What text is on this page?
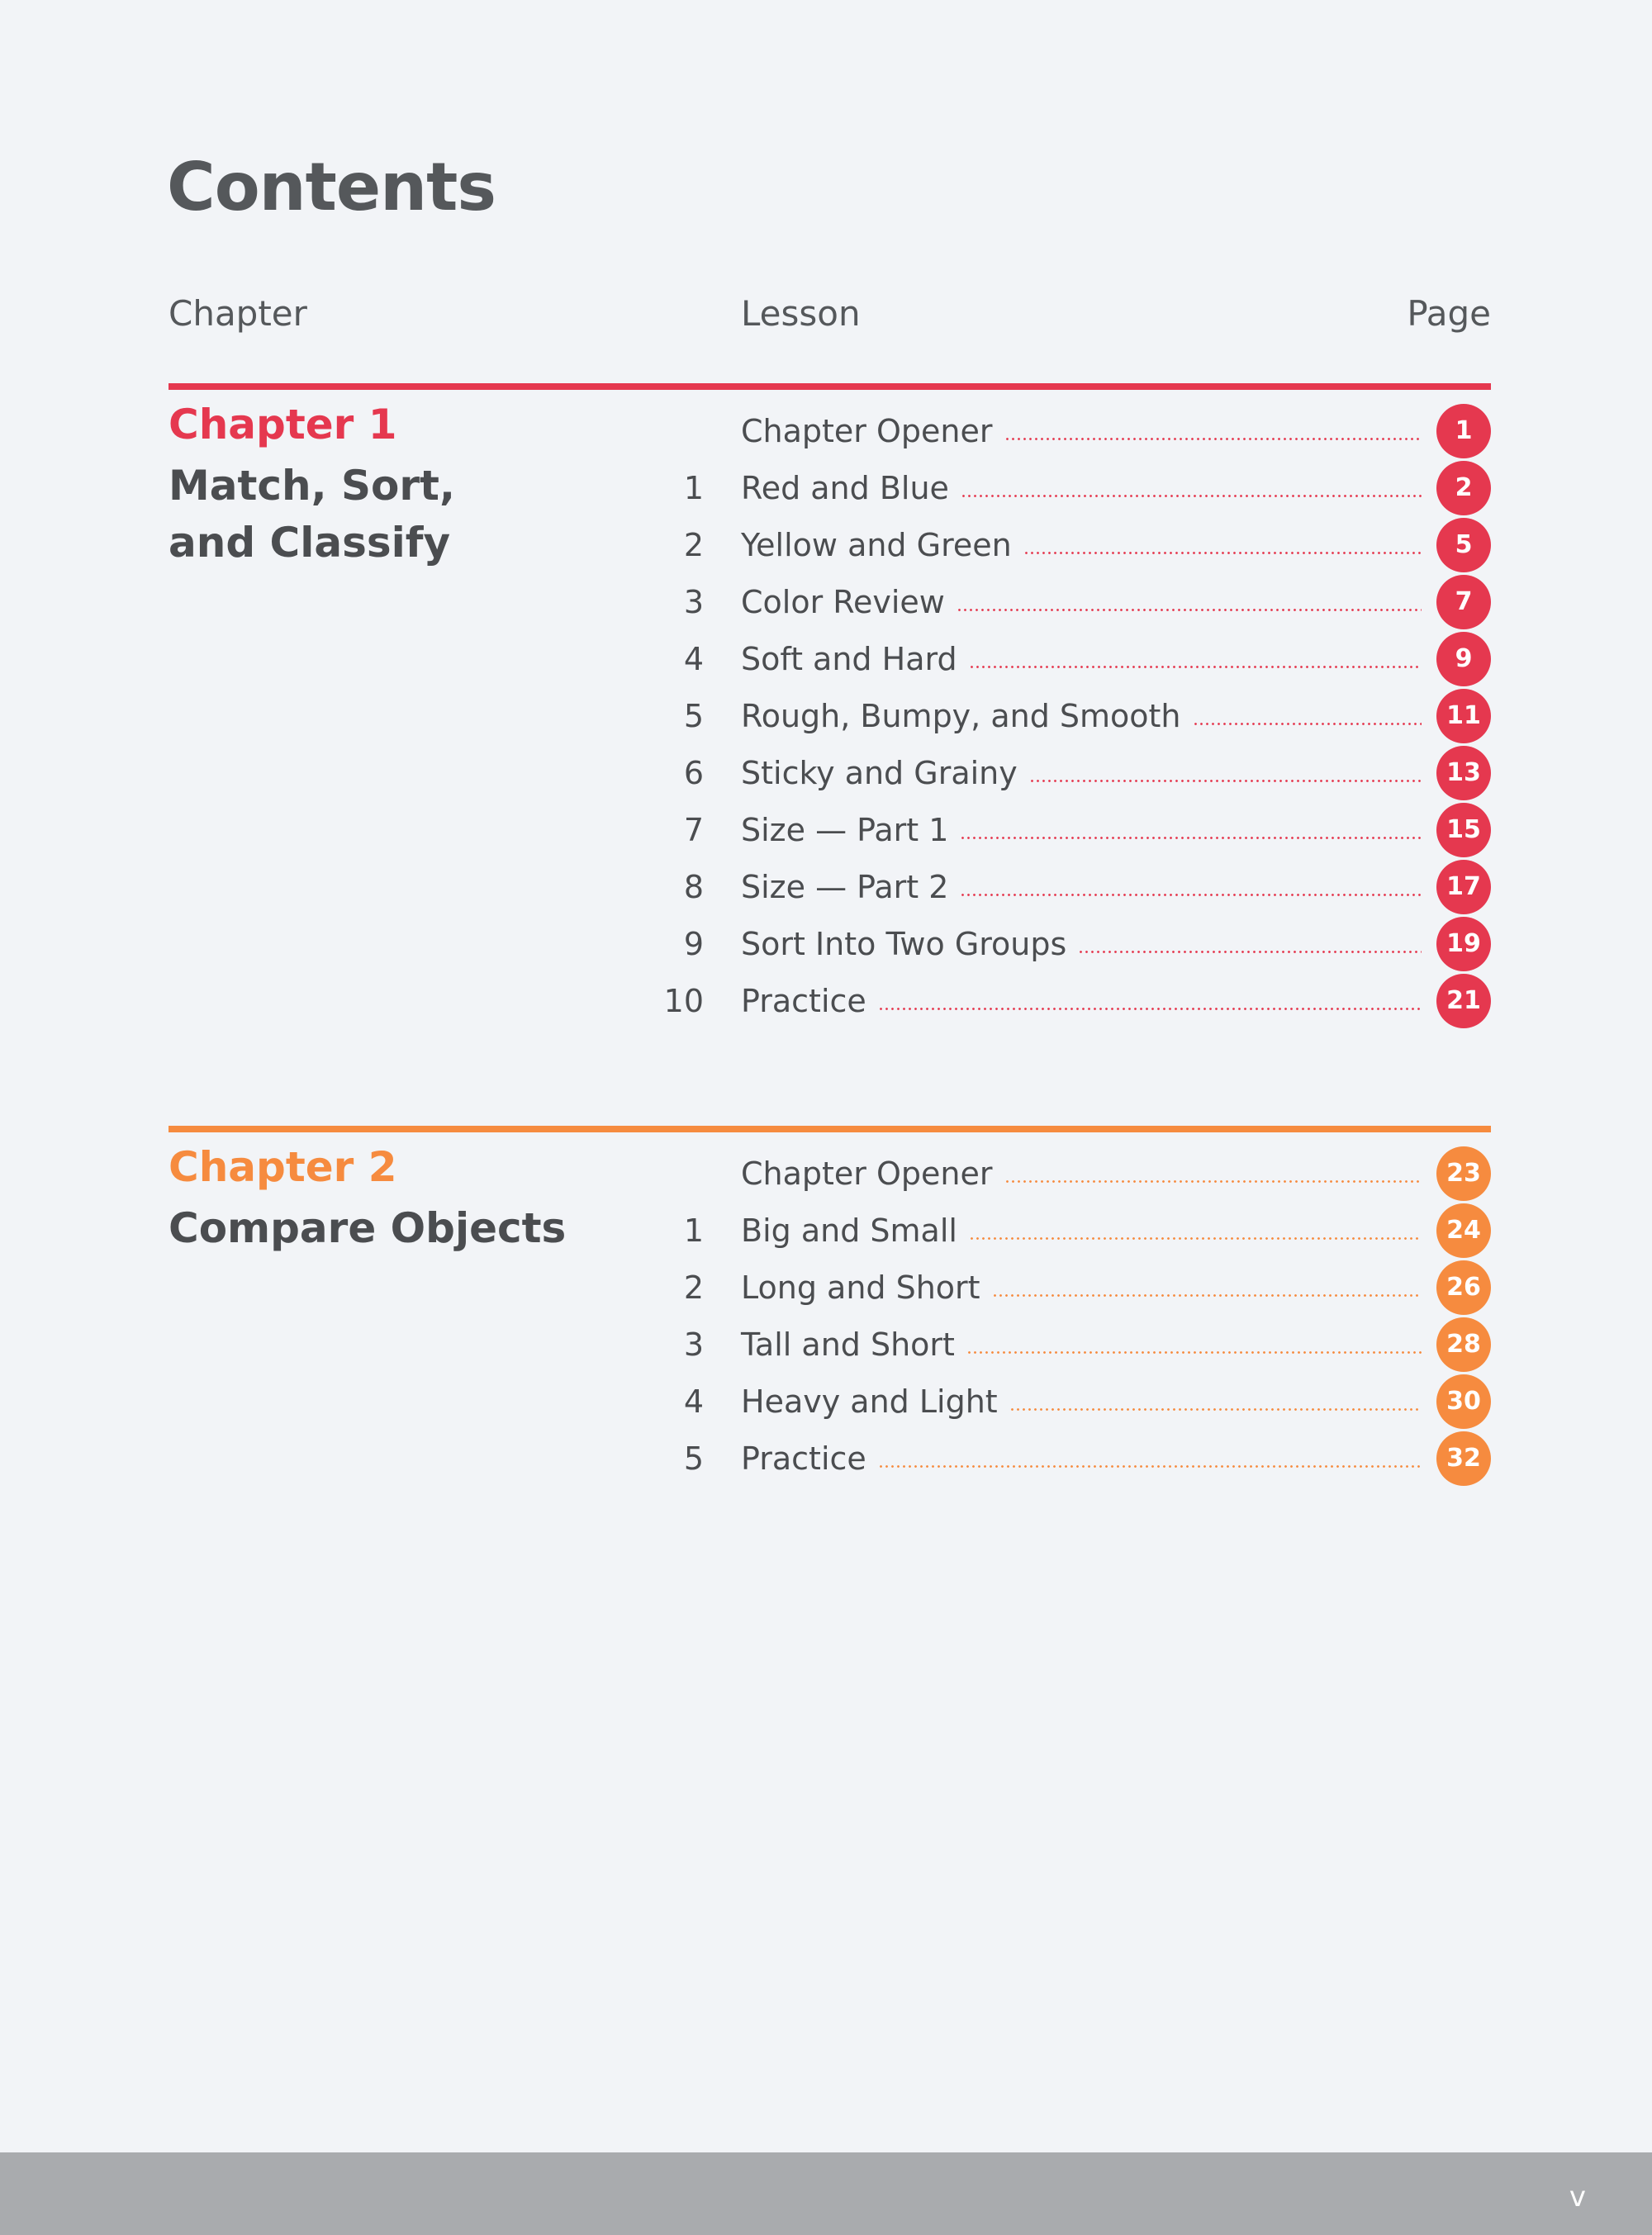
Contents
Chapter	Lesson	Page
Chapter 1
Match, Sort,
and Classify
Chapter Opener	1
1 Red and Blue	2
2 Yellow and Green	5
3 Color Review	7
4 Soft and Hard	9
5 Rough, Bumpy, and Smooth	11
6 Sticky and Grainy	13
7 Size — Part 1	15
8 Size — Part 2	17
9 Sort Into Two Groups	19
10 Practice	21
Chapter 2
Compare Objects
Chapter Opener	23
1 Big and Small	24
2 Long and Short	26
3 Tall and Short	28
4 Heavy and Light	30
5 Practice	32
v
